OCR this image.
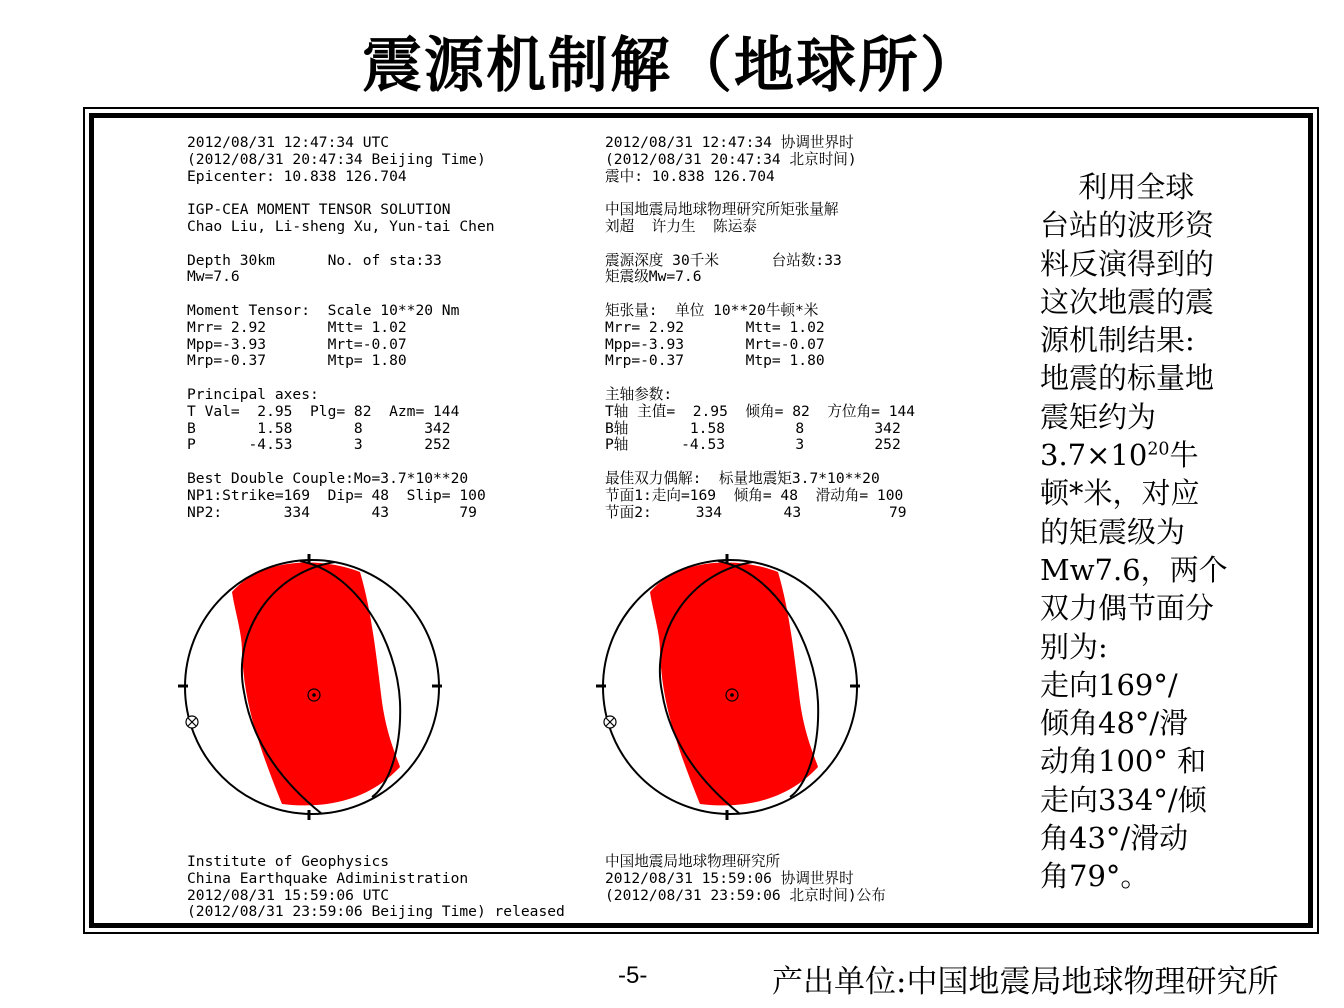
震源机制解（地球所）
2012/08/31 12:47:34 UTC
(2012/08/31 20:47:34 Beijing Time)
Epicenter: 10.838 126.704

IGP-CEA MOMENT TENSOR SOLUTION
Chao Liu, Li-sheng Xu, Yun-tai Chen

Depth 30km      No. of sta:33
Mw=7.6

Moment Tensor:  Scale 10**20 Nm
Mrr= 2.92       Mtt= 1.02
Mpp=-3.93       Mrt=-0.07
Mrp=-0.37       Mtp= 1.80

Principal axes:
T Val=  2.95  Plg= 82  Azm= 144
B       1.58       8       342
P      -4.53       3       252

Best Double Couple:Mo=3.7*10**20
NP1:Strike=169  Dip= 48  Slip= 100
NP2:       334       43        79
Institute of Geophysics
China Earthquake Adiministration
2012/08/31 15:59:06 UTC
(2012/08/31 23:59:06 Beijing Time) released
2012/08/31 12:47:34 协调世界时
(2012/08/31 20:47:34 北京时间)
震中: 10.838 126.704

中国地震局地球物理研究所矩张量解
刘超  许力生  陈运泰

震源深度 30千米      台站数:33
矩震级Mw=7.6

矩张量:  单位 10**20牛顿*米
Mrr= 2.92       Mtt= 1.02
Mpp=-3.93       Mrt=-0.07
Mrp=-0.37       Mtp= 1.80

主轴参数:
T轴 主值=  2.95  倾角= 82  方位角= 144
B轴       1.58        8        342
P轴      -4.53        3        252

最佳双力偶解:  标量地震矩3.7*10**20
节面1:走向=169  倾角= 48  滑动角= 100
节面2:     334       43          79
中国地震局地球物理研究所
2012/08/31 15:59:06 协调世界时
(2012/08/31 23:59:06 北京时间)公布
　 利用全球
台站的波形资
料反演得到的
这次地震的震
源机制结果:
地震的标量地
震矩约为
$3.7\times 10^{20}$牛
顿*米，对应
的矩震级为
Mw7.6，两个
双力偶节面分
别为:
走向169°/
倾角48°/滑
动角100° 和
走向334°/倾
角43°/滑动
角79°。
-5-	产出单位:中国地震局地球物理研究所
